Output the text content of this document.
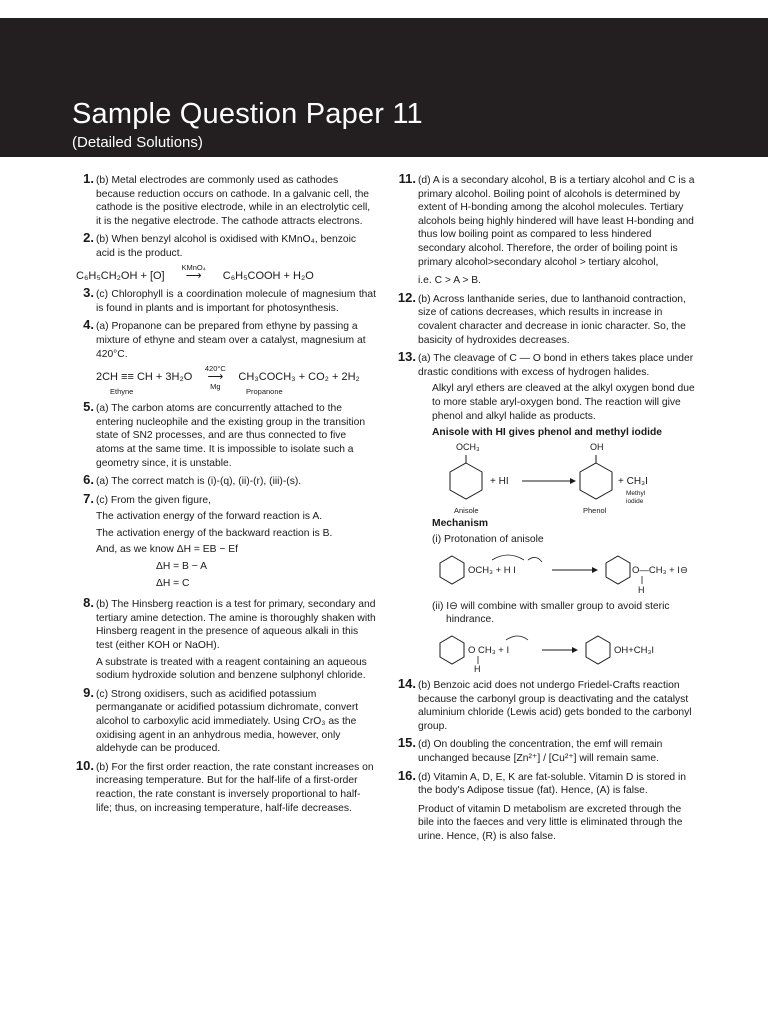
Sample Question Paper 11
(Detailed Solutions)
1. (b) Metal electrodes are commonly used as cathodes because reduction occurs on cathode. In a galvanic cell, the cathode is the positive electrode, while in an electrolytic cell, it is the negative electrode. The cathode attracts electrons.

2. (b) When benzyl alcohol is oxidised with KMnO₄, benzoic acid is the product.

C₆H₅CH₂OH + [O]
KMnO₄
⟶ C₆H₅COOH + H₂O
3. (c) Chlorophyll is a coordination molecule of magnesium that is found in plants and is important for photosynthesis.

4. (a) Propanone can be prepared from ethyne by passing a mixture of ethyne and steam over a catalyst, magnesium at 420°C.

2CH ≡≡ CH + 3H₂O
420°C
⟶
Mg
CH₃COCH₃ + CO₂ + 2H₂
Ethyne	Propanone
5. (a) The carbon atoms are concurrently attached to the entering nucleophile and the existing group in the transition state of SN2 processes, and are thus connected to five atoms at the same time. It is impossible to isolate such a geometry since, it is unstable.

6. (a) The correct match is (i)-(q), (ii)-(r), (iii)-(s).

7. (c) From the given figure,

The activation energy of the forward reaction is A.

The activation energy of the backward reaction is B.

And, as we know ΔH = EB − Ef

ΔH = B − A

ΔH = C

8. (b) The Hinsberg reaction is a test for primary, secondary and tertiary amine detection. The amine is thoroughly shaken with Hinsberg reagent in the presence of aqueous alkali in this test (either KOH or NaOH).

A substrate is treated with a reagent containing an aqueous sodium hydroxide solution and benzene sulphonyl chloride.

9. (c) Strong oxidisers, such as acidified potassium permanganate or acidified potassium dichromate, convert alcohol to carboxylic acid immediately. Using CrO₃ as the oxidising agent in an anhydrous media, however, only aldehyde can be produced.

10. (b) For the first order reaction, the rate constant increases on increasing temperature. But for the half-life of a first-order reaction, the rate constant is inversely proportional to half-life; thus, on increasing temperature, half-life decreases.

11. (d) A is a secondary alcohol, B is a tertiary alcohol and C is a primary alcohol. Boiling point of alcohols is determined by extent of H-bonding among the alcohol molecules. Tertiary alcohols being highly hindered will have least H-bonding and thus low boiling point as compared to less hindered secondary alcohol. Therefore, the order of boiling point is primary alcohol>secondary alcohol > tertiary alcohol,

i.e. C > A > B.

12. (b) Across lanthanide series, due to lanthanoid contraction, size of cations decreases, which results in increase in covalent character and decrease in ionic character. So, the basicity of hydroxides decreases.

13. (a) The cleavage of C — O bond in ethers takes place under drastic conditions with excess of hydrogen halides.

Alkyl aryl ethers are cleaved at the alkyl oxygen bond due to more stable aryl-oxygen bond. The reaction will give phenol and alkyl halide as products.

Anisole with HI gives phenol and methyl iodide

OCH₃	OH
+ HI	+ CH₃I
Anisole	Phenol
Methyl iodide

Mechanism

(i) Protonation of anisole

OCH₃ + H I	O—CH₃ + I⊖
H

(ii) I⊖ will combine with smaller group to avoid steric hindrance.

O CH₃ + I	OH+CH₃I
H
14. (b) Benzoic acid does not undergo Friedel-Crafts reaction because the carbonyl group is deactivating and the catalyst aluminium chloride (Lewis acid) gets bonded to the carbonyl group.

15. (d) On doubling the concentration, the emf will remain unchanged because [Zn²⁺] / [Cu²⁺] will remain same.

16. (d) Vitamin A, D, E, K are fat-soluble. Vitamin D is stored in the body's Adipose tissue (fat). Hence, (A) is false.

Product of vitamin D metabolism are excreted through the bile into the faeces and very little is eliminated through the urine. Hence, (R) is also false.
